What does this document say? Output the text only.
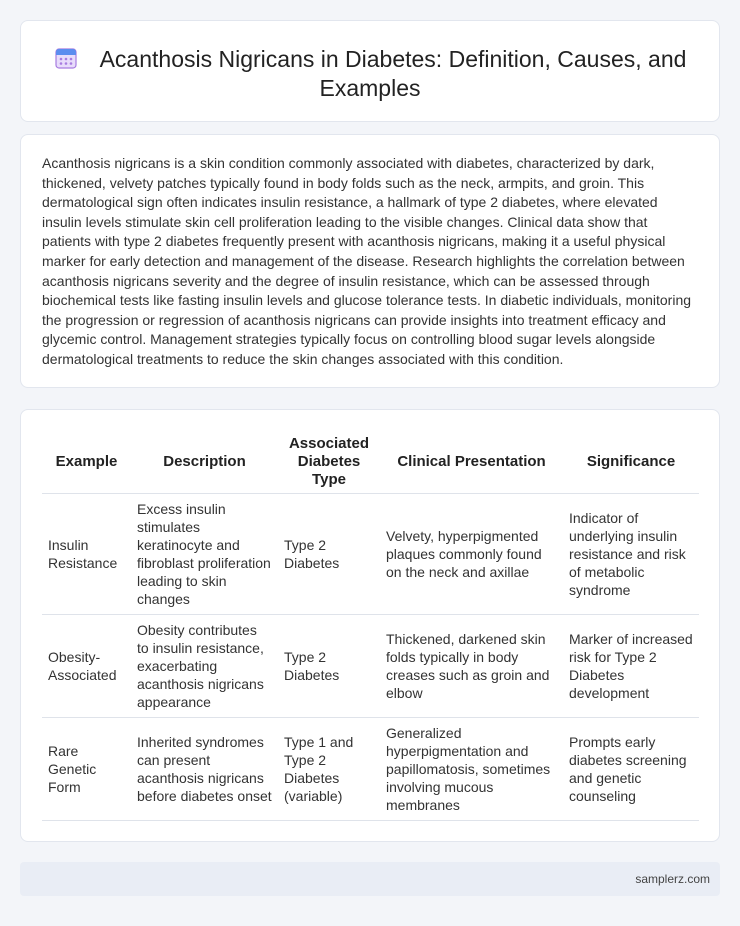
Acanthosis Nigricans in Diabetes: Definition, Causes, and Examples

Acanthosis nigricans is a skin condition commonly associated with diabetes, characterized by dark, thickened, velvety patches typically found in body folds such as the neck, armpits, and groin. This dermatological sign often indicates insulin resistance, a hallmark of type 2 diabetes, where elevated insulin levels stimulate skin cell proliferation leading to the visible changes. Clinical data show that patients with type 2 diabetes frequently present with acanthosis nigricans, making it a useful physical marker for early detection and management of the disease. Research highlights the correlation between acanthosis nigricans severity and the degree of insulin resistance, which can be assessed through biochemical tests like fasting insulin levels and glucose tolerance tests. In diabetic individuals, monitoring the progression or regression of acanthosis nigricans can provide insights into treatment efficacy and glycemic control. Management strategies typically focus on controlling blood sugar levels alongside dermatological treatments to reduce the skin changes associated with this condition.

Example	Description	Associated Diabetes Type	Clinical Presentation	Significance
Insulin Resistance	Excess insulin stimulates keratinocyte and fibroblast proliferation leading to skin changes	Type 2 Diabetes	Velvety, hyperpigmented plaques commonly found on the neck and axillae	Indicator of underlying insulin resistance and risk of metabolic syndrome
Obesity-Associated	Obesity contributes to insulin resistance, exacerbating acanthosis nigricans appearance	Type 2 Diabetes	Thickened, darkened skin folds typically in body creases such as groin and elbow	Marker of increased risk for Type 2 Diabetes development
Rare Genetic Form	Inherited syndromes can present acanthosis nigricans before diabetes onset	Type 1 and Type 2 Diabetes (variable)	Generalized hyperpigmentation and papillomatosis, sometimes involving mucous membranes	Prompts early diabetes screening and genetic counseling
samplerz.com
